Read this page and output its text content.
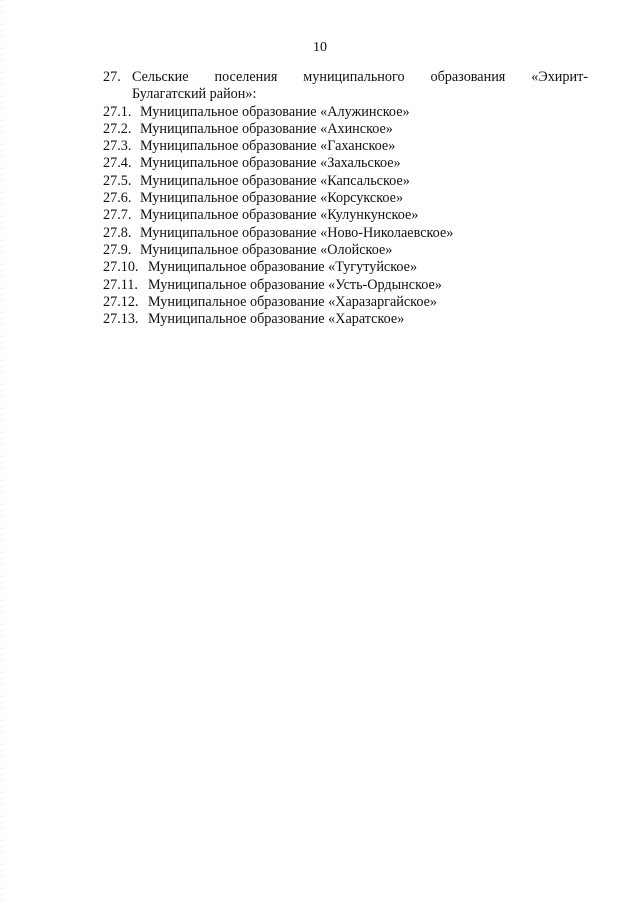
10
27. Сельские поселения муниципального образования «Эхирит-
Булагатский район»:
27.1. Муниципальное образование «Алужинское»
27.2. Муниципальное образование «Ахинское»
27.3. Муниципальное образование «Гаханское»
27.4. Муниципальное образование «Захальское»
27.5. Муниципальное образование «Капсальское»
27.6. Муниципальное образование «Корсукское»
27.7. Муниципальное образование «Кулункунское»
27.8. Муниципальное образование «Ново-Николаевское»
27.9. Муниципальное образование «Олойское»
27.10. Муниципальное образование «Тугутуйское»
27.11. Муниципальное образование «Усть-Ордынское»
27.12. Муниципальное образование «Харазаргайское»
27.13. Муниципальное образование «Харатское»
